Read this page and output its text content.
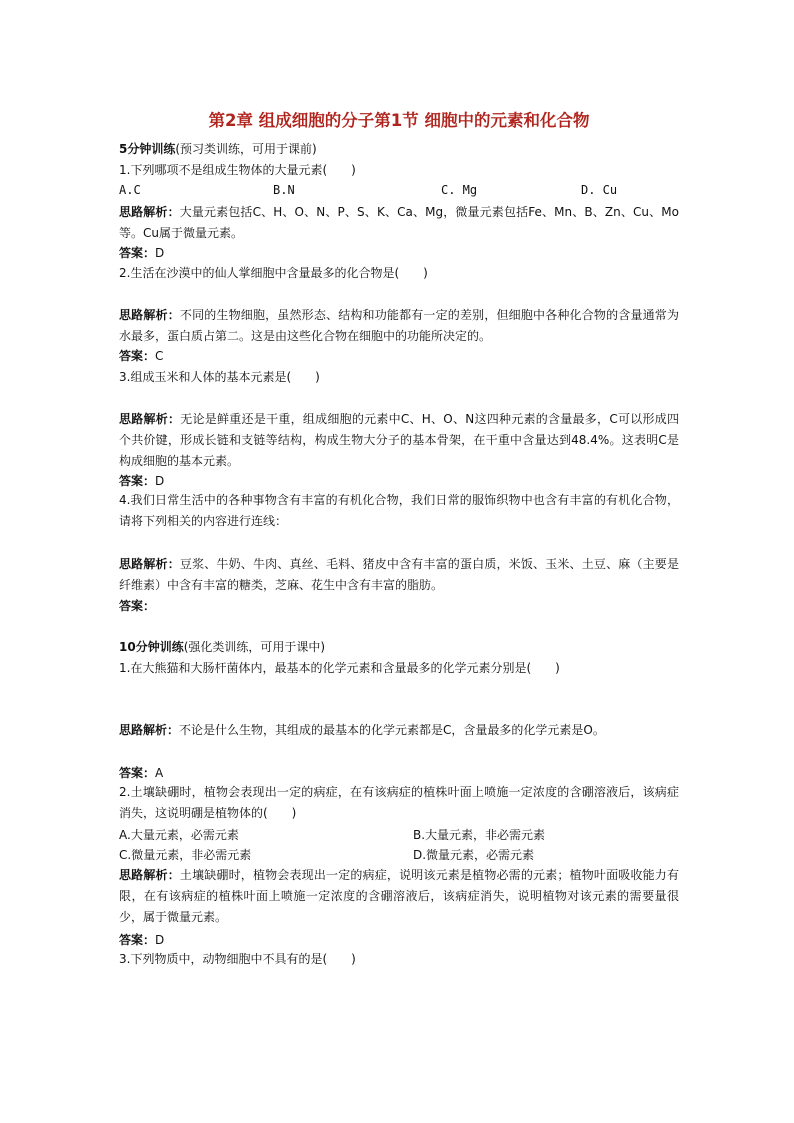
第2章 组成细胞的分子第1节 细胞中的元素和化合物
5分钟训练(预习类训练，可用于课前)
1.下列哪项不是组成生物体的大量元素(　　)
A.C	B.N	C. Mg	D. Cu
思路解析：大量元素包括C、H、O、N、P、S、K、Ca、Mg，微量元素包括Fe、Mn、B、Zn、Cu、Mo等。Cu属于微量元素。
答案：D
2.生活在沙漠中的仙人掌细胞中含量最多的化合物是(　　)
思路解析：不同的生物细胞，虽然形态、结构和功能都有一定的差别，但细胞中各种化合物的含量通常为水最多，蛋白质占第二。这是由这些化合物在细胞中的功能所决定的。
答案：C
3.组成玉米和人体的基本元素是(　　)
思路解析：无论是鲜重还是干重，组成细胞的元素中C、H、O、N这四种元素的含量最多，C可以形成四个共价键，形成长链和支链等结构，构成生物大分子的基本骨架，在干重中含量达到48.4%。这表明C是构成细胞的基本元素。
答案：D
4.我们日常生活中的各种事物含有丰富的有机化合物，我们日常的服饰织物中也含有丰富的有机化合物，请将下列相关的内容进行连线：
思路解析：豆浆、牛奶、牛肉、真丝、毛料、猪皮中含有丰富的蛋白质，米饭、玉米、土豆、麻（主要是纤维素）中含有丰富的糖类，芝麻、花生中含有丰富的脂肪。
答案：
10分钟训练(强化类训练，可用于课中)
1.在大熊猫和大肠杆菌体内，最基本的化学元素和含量最多的化学元素分别是(　　)
思路解析：不论是什么生物，其组成的最基本的化学元素都是C，含量最多的化学元素是O。
答案：A
2.土壤缺硼时，植物会表现出一定的病症，在有该病症的植株叶面上喷施一定浓度的含硼溶液后，该病症消失，这说明硼是植物体的(　　)
A.大量元素，必需元素	B.大量元素，非必需元素
C.微量元素，非必需元素	D.微量元素，必需元素
思路解析：土壤缺硼时，植物会表现出一定的病症，说明该元素是植物必需的元素；植物叶面吸收能力有限，在有该病症的植株叶面上喷施一定浓度的含硼溶液后，该病症消失，说明植物对该元素的需要量很少，属于微量元素。
答案：D
3.下列物质中，动物细胞中不具有的是(　　)
